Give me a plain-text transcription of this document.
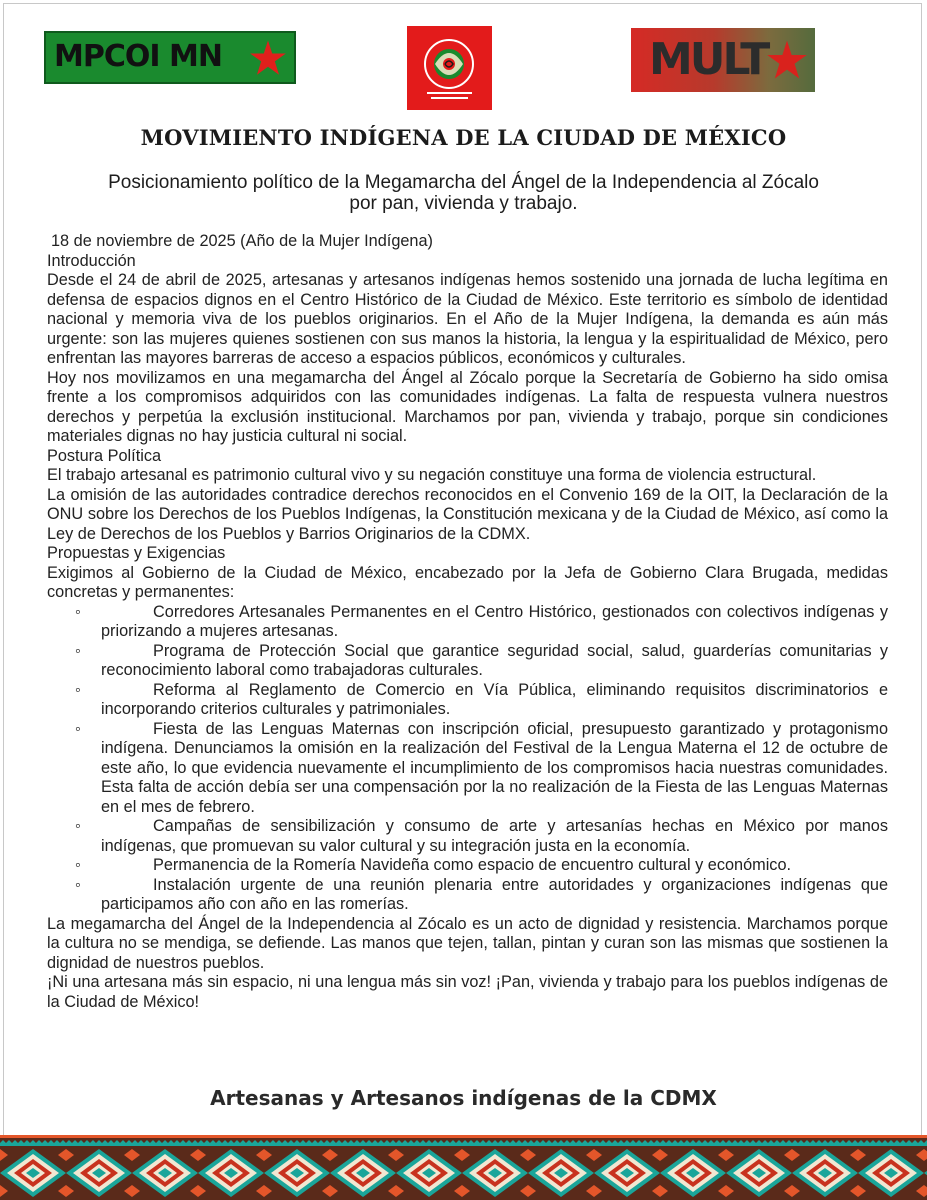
MPCOI MN	MULT
MOVIMIENTO INDÍGENA DE LA CIUDAD DE MÉXICO
Posicionamiento político de la Megamarcha del Ángel de la Independencia al Zócalo
por pan, vivienda y trabajo.

18 de noviembre de 2025 (Año de la Mujer Indígena)

Introducción

Desde el 24 de abril de 2025, artesanas y artesanos indígenas hemos sostenido una jornada de lucha legítima en defensa de espacios dignos en el Centro Histórico de la Ciudad de México. Este territorio es símbolo de identidad nacional y memoria viva de los pueblos originarios. En el Año de la Mujer Indígena, la demanda es aún más urgente: son las mujeres quienes sostienen con sus manos la historia, la lengua y la espiritualidad de México, pero enfrentan las mayores barreras de acceso a espacios públicos, económicos y culturales.

Hoy nos movilizamos en una megamarcha del Ángel al Zócalo porque la Secretaría de Gobierno ha sido omisa frente a los compromisos adquiridos con las comunidades indígenas. La falta de respuesta vulnera nuestros derechos y perpetúa la exclusión institucional. Marchamos por pan, vivienda y trabajo, porque sin condiciones materiales dignas no hay justicia cultural ni social.

Postura Política

El trabajo artesanal es patrimonio cultural vivo y su negación constituye una forma de violencia estructural.

La omisión de las autoridades contradice derechos reconocidos en el Convenio 169 de la OIT, la Declaración de la ONU sobre los Derechos de los Pueblos Indígenas, la Constitución mexicana y de la Ciudad de México, así como la Ley de Derechos de los Pueblos y Barrios Originarios de la CDMX.

Propuestas y Exigencias

Exigimos al Gobierno de la Ciudad de México, encabezado por la Jefa de Gobierno Clara Brugada, medidas concretas y permanentes:

◦	Corredores Artesanales Permanentes en el Centro Histórico, gestionados con colectivos indígenas y priorizando a mujeres artesanas.
◦	Programa de Protección Social que garantice seguridad social, salud, guarderías comunitarias y reconocimiento laboral como trabajadoras culturales.
◦	Reforma al Reglamento de Comercio en Vía Pública, eliminando requisitos discriminatorios e incorporando criterios culturales y patrimoniales.
◦	Fiesta de las Lenguas Maternas con inscripción oficial, presupuesto garantizado y protagonismo indígena. Denunciamos la omisión en la realización del Festival de la Lengua Materna el 12 de octubre de este año, lo que evidencia nuevamente el incumplimiento de los compromisos hacia nuestras comunidades. Esta falta de acción debía ser una compensación por la no realización de la Fiesta de las Lenguas Maternas en el mes de febrero.
◦	Campañas de sensibilización y consumo de arte y artesanías hechas en México por manos indígenas, que promuevan su valor cultural y su integración justa en la economía.
◦	Permanencia de la Romería Navideña como espacio de encuentro cultural y económico.
◦	Instalación urgente de una reunión plenaria entre autoridades y organizaciones indígenas que participamos año con año en las romerías.

La megamarcha del Ángel de la Independencia al Zócalo es un acto de dignidad y resistencia. Marchamos porque la cultura no se mendiga, se defiende. Las manos que tejen, tallan, pintan y curan son las mismas que sostienen la dignidad de nuestros pueblos.

¡Ni una artesana más sin espacio, ni una lengua más sin voz! ¡Pan, vivienda y trabajo para los pueblos indígenas de la Ciudad de México!

Artesanas y Artesanos indígenas de la CDMX
